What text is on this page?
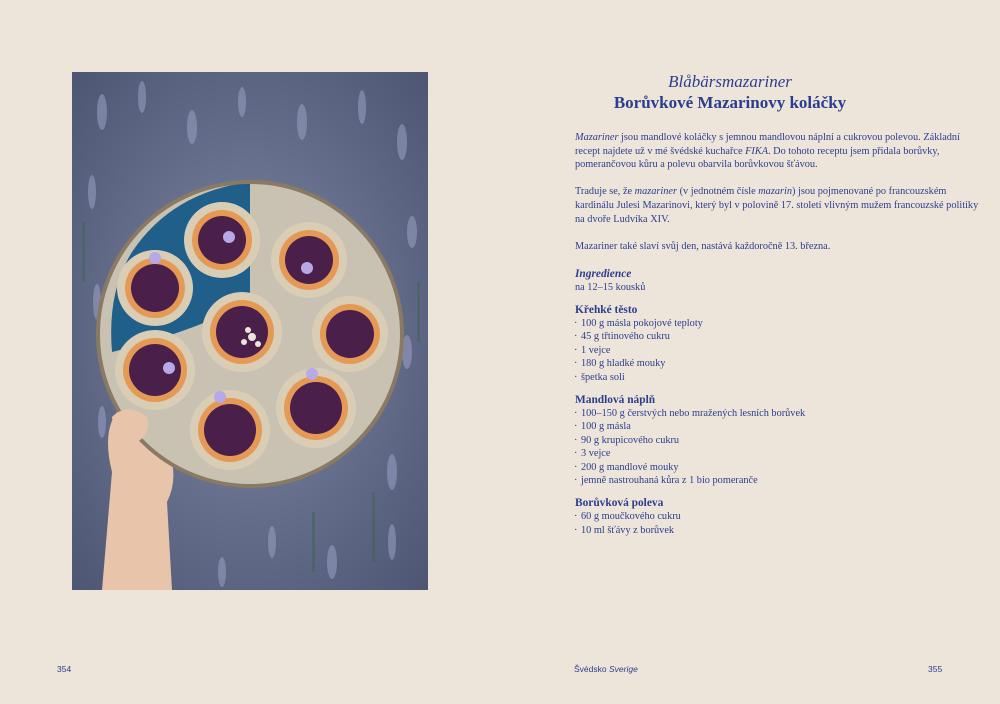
Blåbärsmazariner
Borůvkové Mazarinovy koláčky

Mazariner jsou mandlové koláčky s jemnou mandlovou náplní a cukrovou polevou. Základní recept najdete už v mé švédské kuchařce FIKA. Do tohoto receptu jsem přidala borůvky, pomerančovou kůru a polevu obarvila borůvkovou šťávou.

Traduje se, že mazariner (v jednotném čísle mazarin) jsou pojmenované po francouzském kardinálu Julesi Mazarinovi, který byl v polovině 17. století vlivným mužem francouzské politiky na dvoře Ludvíka XIV.

Mazariner také slaví svůj den, nastává každoročně 13. března.

Ingredience
na 12–15 kousků
Křehké těsto
· 100 g másla pokojové teploty
· 45 g třtinového cukru
· 1 vejce
· 180 g hladké mouky
· špetka soli
Mandlová náplň
· 100–150 g čerstvých nebo mražených lesních borůvek
· 100 g másla
· 90 g krupicového cukru
· 3 vejce
· 200 g mandlové mouky
· jemně nastrouhaná kůra z 1 bio pomeranče
Borůvková poleva
· 60 g moučkového cukru
· 10 ml šťávy z borůvek
354	Švédsko Sverige	355
